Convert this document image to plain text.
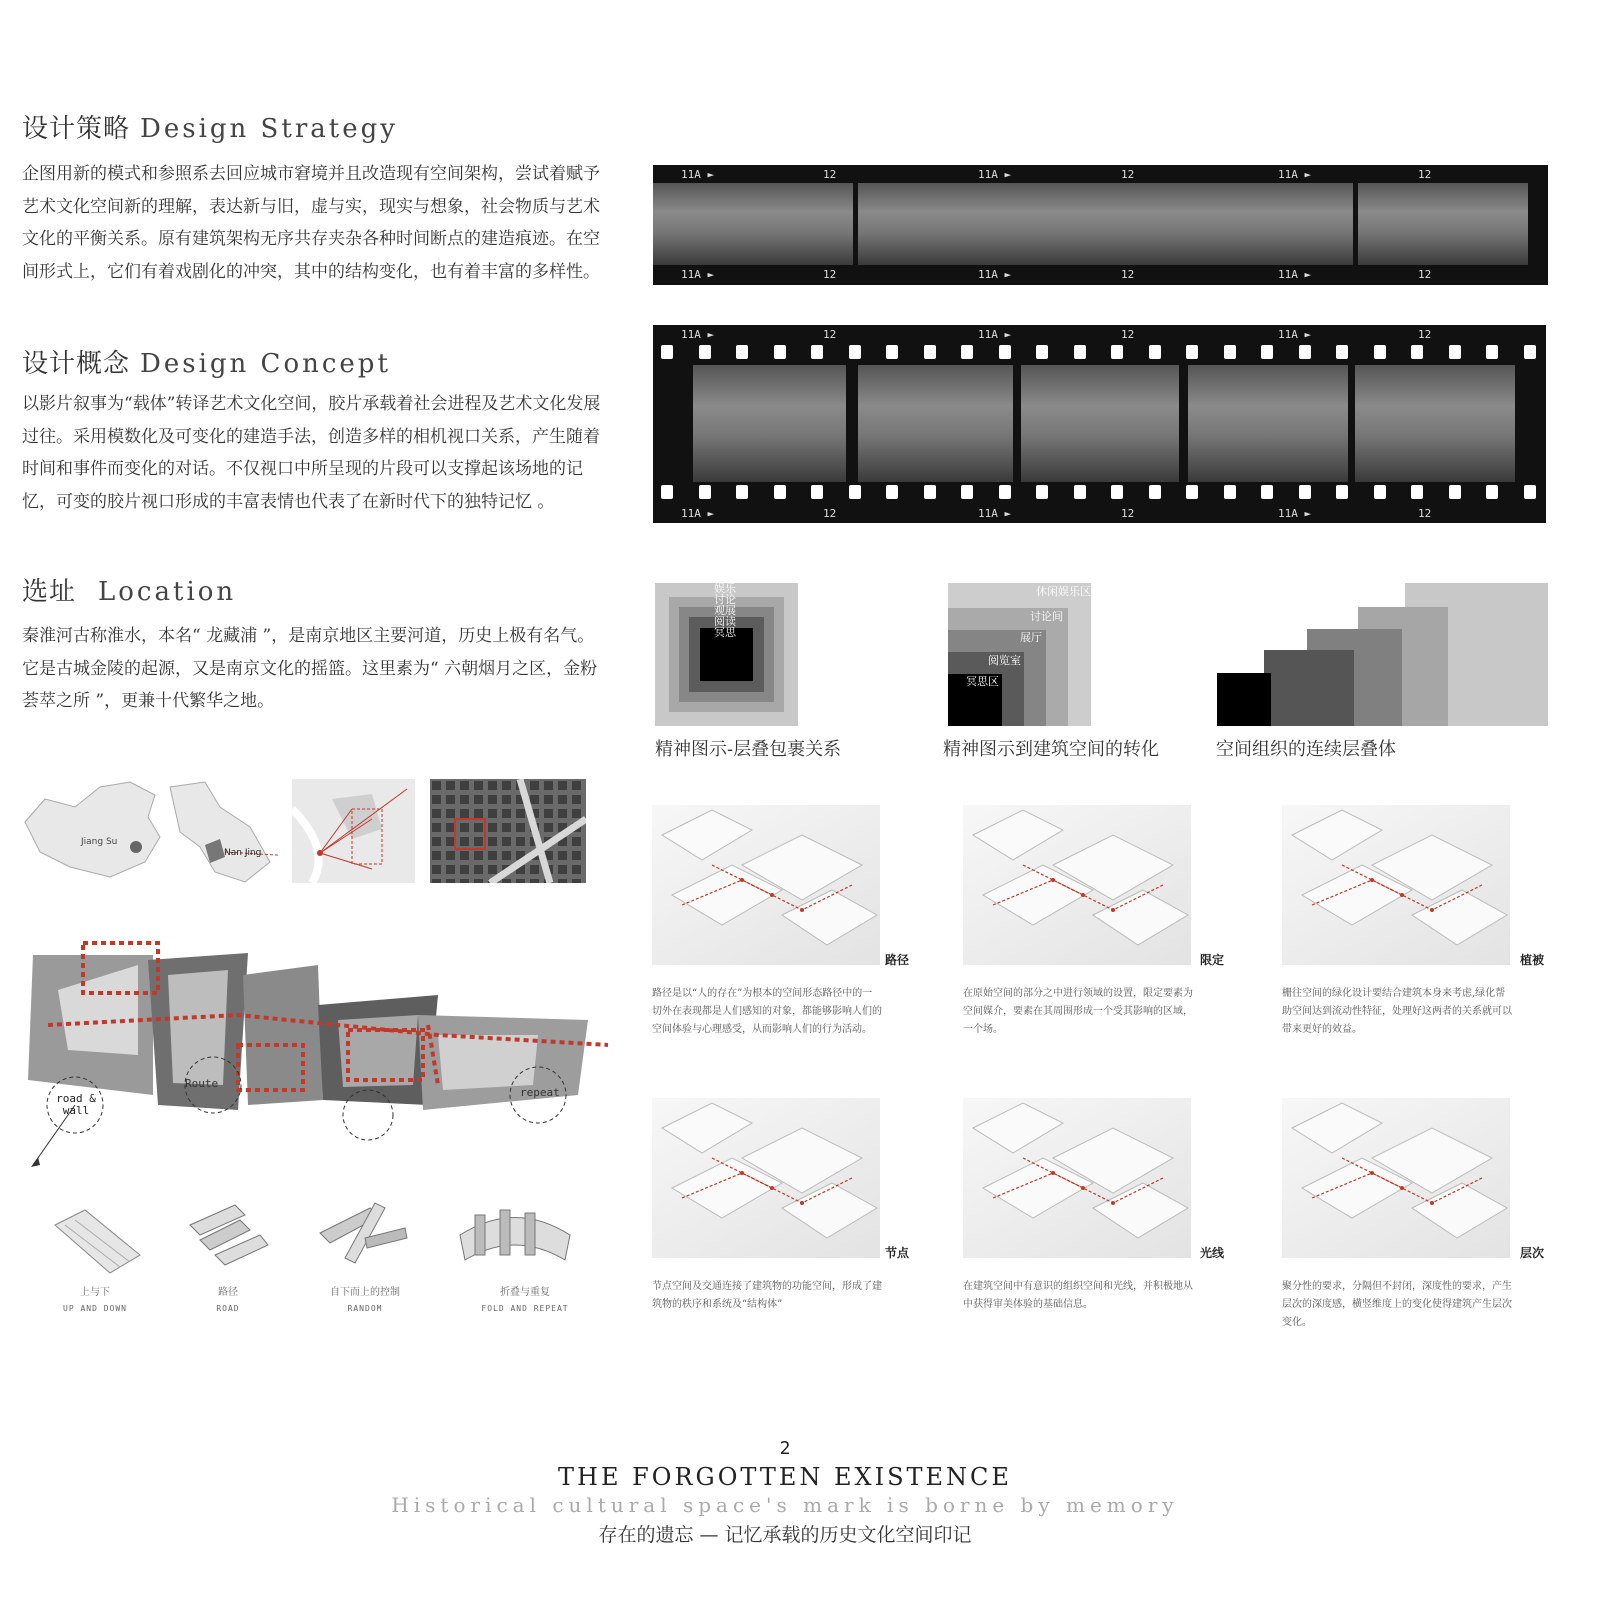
设计策略 Design Strategy
企图用新的模式和参照系去回应城市窘境并且改造现有空间架构，尝试着赋予艺术文化空间新的理解，表达新与旧，虚与实，现实与想象，社会物质与艺术文化的平衡关系。原有建筑架构无序共存夹杂各种时间断点的建造痕迹。在空间形式上，它们有着戏剧化的冲突，其中的结构变化，也有着丰富的多样性。
设计概念 Design Concept
以影片叙事为“载体”转译艺术文化空间，胶片承载着社会进程及艺术文化发展过往。采用模数化及可变化的建造手法，创造多样的相机视口关系，产生随着时间和事件而变化的对话。不仅视口中所呈现的片段可以支撑起该场地的记忆，可变的胶片视口形成的丰富表情也代表了在新时代下的独特记忆 。
选址 Location
秦淮河古称淮水，本名“ 龙藏浦 ”，是南京地区主要河道，历史上极有名气。它是古城金陵的起源，又是南京文化的摇篮。这里素为“ 六朝烟月之区，金粉荟萃之所 ”，更兼十代繁华之地。
Jiang Su
Nan Jing
road & wall
Route
repeat
上与下
UP AND DOWN
路径
ROAD
自下而上的控制
RANDOM
折叠与重复
FOLD AND REPEAT
11A ►	12	11A ►	12	11A ►	12
11A ►	12	11A ►	12	11A ►	12
11A ►	12	11A ►	12	11A ►	12
11A ►	12	11A ►	12	11A ►	12
娱乐
讨论
观展
阅读
冥思
精神图示-层叠包裹关系
休闲娱乐区
讨论间
展厅
阅览室
冥思区
精神图示到建筑空间的转化	空间组织的连续层叠体
路径
路径是以“人的存在”为根本的空间形态路径中的一切外在表现都是人们感知的对象，都能够影响人们的空间体验与心理感受，从而影响人们的行为活动。
限定
在原始空间的部分之中进行领域的设置，限定要素为空间媒介，要素在其周围形成一个受其影响的区域，一个场。
植被
栅往空间的绿化设计要结合建筑本身来考虑,绿化帮助空间达到流动性特征，处理好这两者的关系就可以带来更好的效益。
节点
节点空间及交通连接了建筑物的功能空间，形成了建筑物的秩序和系统及“结构体”
光线
在建筑空间中有意识的组织空间和光线，并积极地从中获得审美体验的基础信息。
层次
聚分性的要求，分隔但不封闭，深度性的要求，产生层次的深度感，横竖维度上的变化使得建筑产生层次变化。
2
THE FORGOTTEN EXISTENCE
Historical cultural space's mark is borne by memory
存在的遗忘 — 记忆承载的历史文化空间印记
